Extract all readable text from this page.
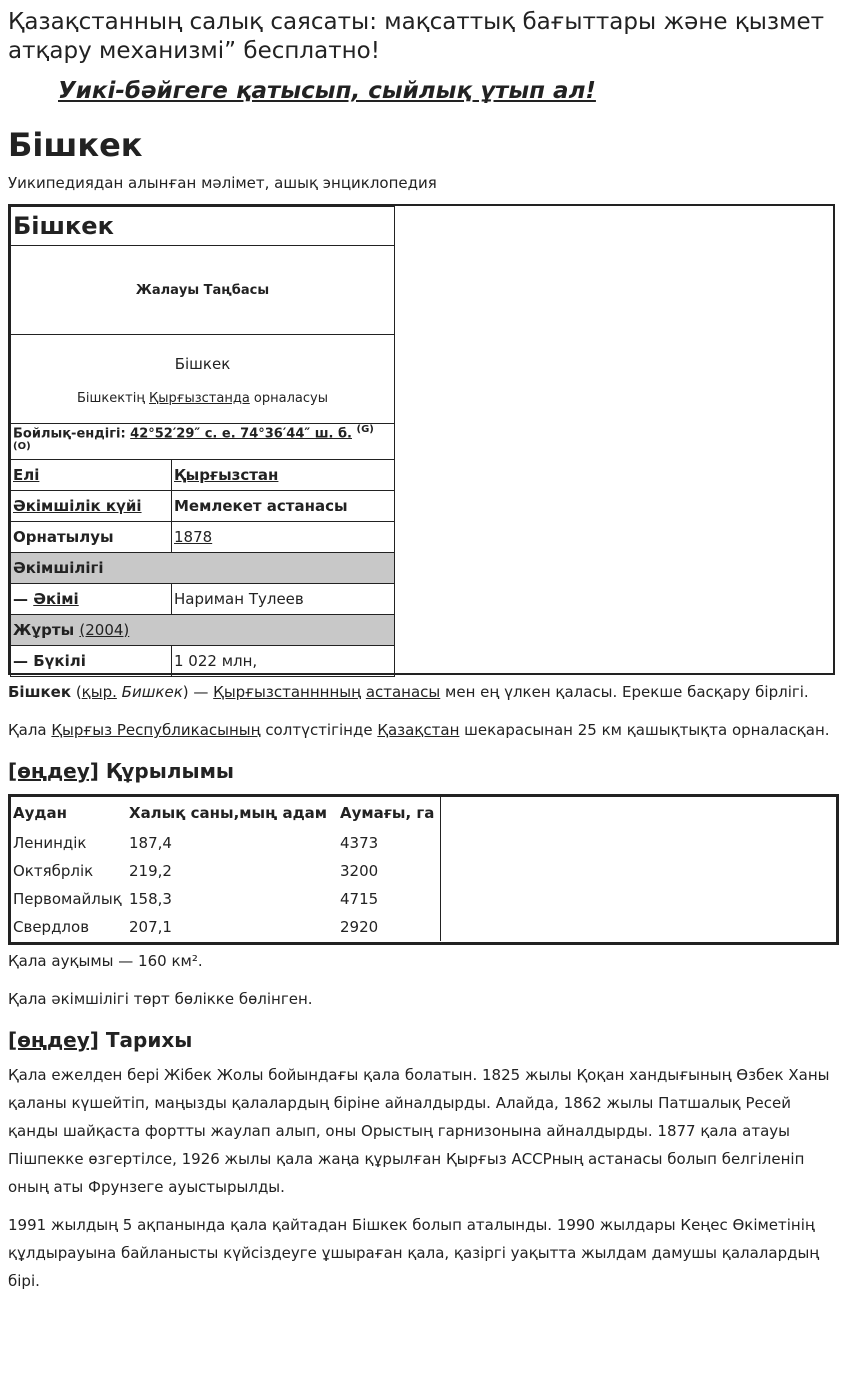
Қазақстанның салық саясаты: мақсаттық бағыттары және қызмет атқару механизмі” бесплатно!
Уикі-бәйгеге қатысып, сыйлық ұтып ал!
Бішкек
Уикипедиядан алынған мәлімет, ашық энциклопедия
Бішкек	
Жалауы Таңбасы	

Бішкек
Бішкектің Қырғызстанда орналасуы	

Бойлық-ендігі: 42°52′29″ с. е. 74°36′44″ ш. б. $^{(G) (O)}$
Елі	Қырғызстан
Әкімшілік күйі	Мемлекет астанасы
Орнатылуы	1878
Әкімшілігі	
— Әкімі	Нариман Тулеев
Жұрты (2004)	
— Бүкілі	1 022 млн,

Бішкек (қыр. Бишкек) — Қырғызстанннның астанасы мен ең үлкен қаласы. Ерекше басқару бірлігі.

Қала Қырғыз Республикасының солтүстігінде Қазақстан шекарасынан 25 км қашықтықта орналасқан.

[өңдеу] Құрылымы
Аудан	Халық саны,мың адам	Аумағы, га
Лениндік	187,4	4373
Октябрлік	219,2	3200
Первомайлық	158,3	4715
Свердлов	207,1	2920

Қала ауқымы — 160 км².

Қала әкімшілігі төрт бөлікке бөлінген.

[өңдеу] Тарихы

Қала ежелден бері Жібек Жолы бойындағы қала болатын. 1825 жылы Қоқан хандығының Өзбек Ханы қаланы күшейтіп, маңызды қалалардың біріне айналдырды. Алайда, 1862 жылы Патшалық Ресей қанды шайқаста фортты жаулап алып, оны Орыстың гарнизонына айналдырды. 1877 қала атауы Пішпекке өзгертілсе, 1926 жылы қала жаңа құрылған Қырғыз АССРның астанасы болып белгіленіп оның аты Фрунзеге ауыстырылды.

1991 жылдың 5 ақпанында қала қайтадан Бішкек болып аталынды. 1990 жылдары Кеңес Өкіметінің құлдырауына байланысты күйсіздеуге ұшыраған қала, қазіргі уақытта жылдам дамушы қалалардың бірі.
